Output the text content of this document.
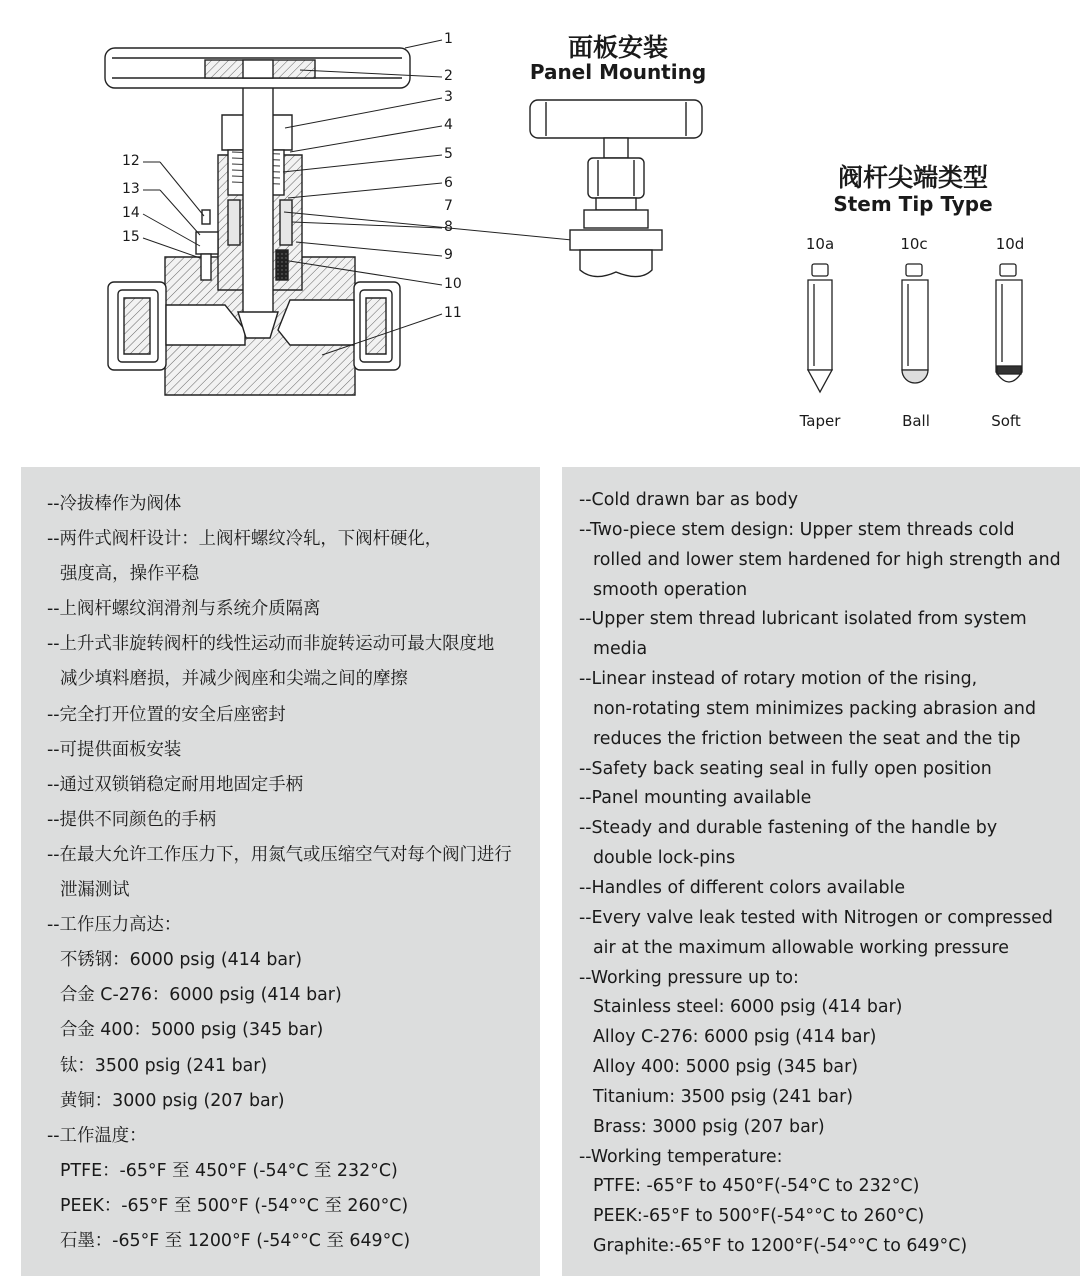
1
2
3
4
5
6
7
8
9
10
11
12
13
14
15
面板安装
Panel Mounting
阀杆尖端类型
Stem Tip Type
10a	10c	10d
Taper	Ball	Soft
--冷拔棒作为阀体
--两件式阀杆设计：上阀杆螺纹冷轧，下阀杆硬化，
强度高，操作平稳
--上阀杆螺纹润滑剂与系统介质隔离
--上升式非旋转阀杆的线性运动而非旋转运动可最大限度地
减少填料磨损，并减少阀座和尖端之间的摩擦
--完全打开位置的安全后座密封
--可提供面板安装
--通过双锁销稳定耐用地固定手柄
--提供不同颜色的手柄
--在最大允许工作压力下，用氮气或压缩空气对每个阀门进行
泄漏测试
--工作压力高达：
不锈钢：6000 psig (414 bar)
合金 C-276：6000 psig (414 bar)
合金 400：5000 psig (345 bar)
钛：3500 psig (241 bar)
黄铜：3000 psig (207 bar)
--工作温度：
PTFE：-65°F 至 450°F (-54°C 至 232°C)
PEEK：-65°F 至 500°F (-54°°C 至 260°C)
石墨：-65°F 至 1200°F (-54°°C 至 649°C)
--Cold drawn bar as body
--Two-piece stem design: Upper stem threads cold
rolled and lower stem hardened for high strength and
smooth operation
--Upper stem thread lubricant isolated from system
media
--Linear instead of rotary motion of the rising,
non-rotating stem minimizes packing abrasion and
reduces the friction between the seat and the tip
--Safety back seating seal in fully open position
--Panel mounting available
--Steady and durable fastening of the handle by
double lock-pins
--Handles of different colors available
--Every valve leak tested with Nitrogen or compressed
air at the maximum allowable working pressure
--Working pressure up to:
Stainless steel: 6000 psig (414 bar)
Alloy C-276: 6000 psig (414 bar)
Alloy 400: 5000 psig (345 bar)
Titanium: 3500 psig (241 bar)
Brass: 3000 psig (207 bar)
--Working temperature:
PTFE: -65°F to 450°F(-54°C to 232°C)
PEEK:-65°F to 500°F(-54°°C to 260°C)
Graphite:-65°F to 1200°F(-54°°C to 649°C)
